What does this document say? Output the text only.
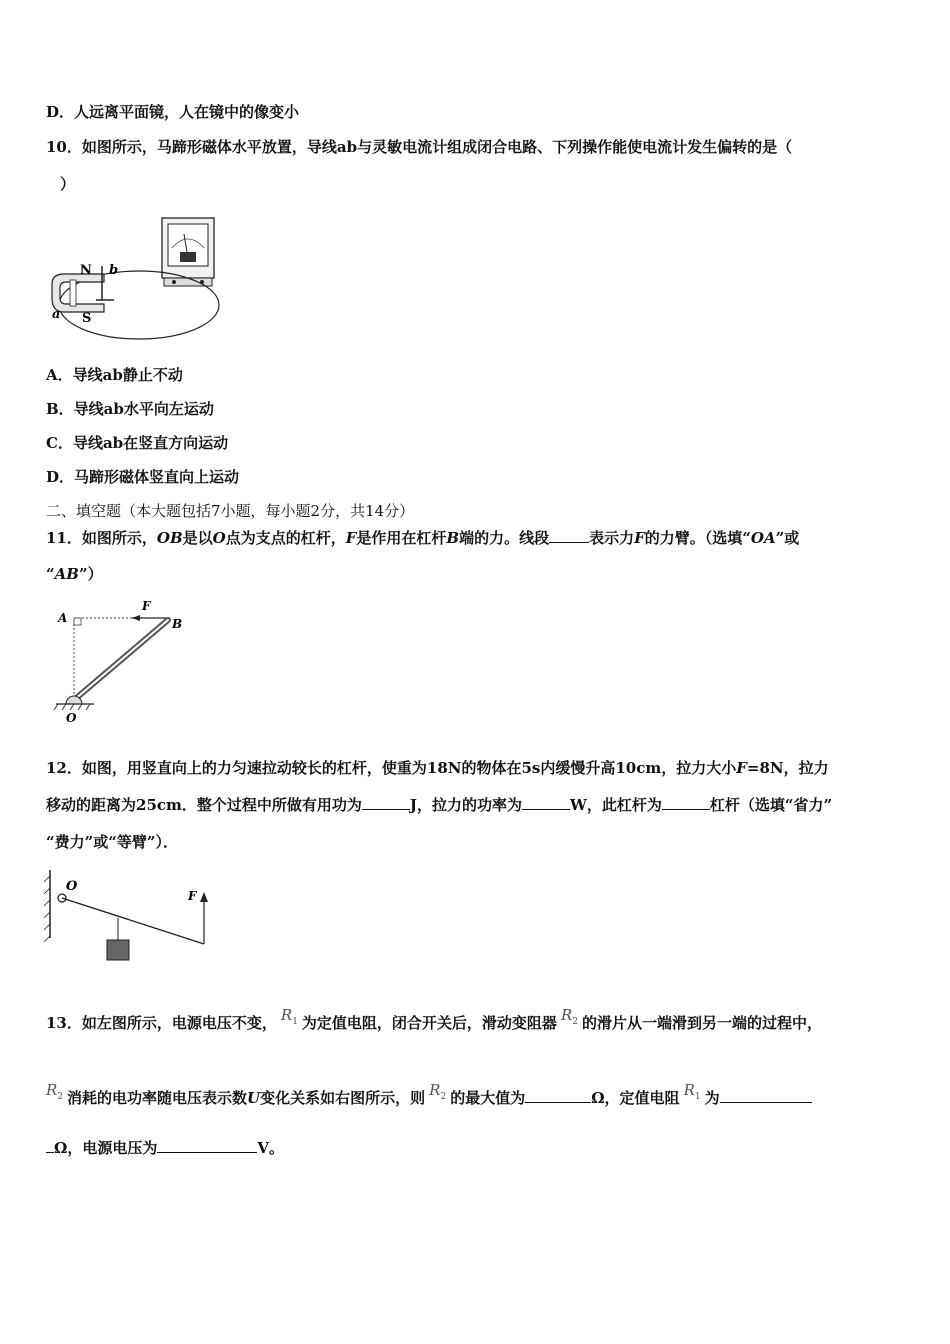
D．人远离平面镜，人在镜中的像变小
10．如图所示，马蹄形磁体水平放置，导线ab与灵敏电流计组成闭合电路、下列操作能使电流计发生偏转的是（
）
N b
a S
A．导线ab静止不动
B．导线ab水平向左运动
C．导线ab在竖直方向运动
D．马蹄形磁体竖直向上运动
二、填空题（本大题包括7小题，每小题2分，共14分）
11．如图所示，OB是以O点为支点的杠杆，F是作用在杠杆B端的力。线段	表示力F的力臂。（选填“OA”或
“AB”）
A
F
B
O
12．如图，用竖直向上的力匀速拉动较长的杠杆，使重为18N的物体在5s内缓慢升高10cm，拉力大小F=8N，拉力
移动的距离为25cm．整个过程中所做有用功为	J，拉力的功率为	W，此杠杆为	杠杆（选填“省力”
“费力”或“等臂”）．
O
F
13．如左图所示，电源电压不变， $R_1$ 为定值电阻，闭合开关后，滑动变阻器 $R_2$ 的滑片从一端滑到另一端的过程中，
$R_2$ 消耗的电功率随电压表示数U变化关系如右图所示，则 $R_2$ 的最大值为	Ω，定值电阻 $R_1$ 为
Ω，电源电压为	V。
